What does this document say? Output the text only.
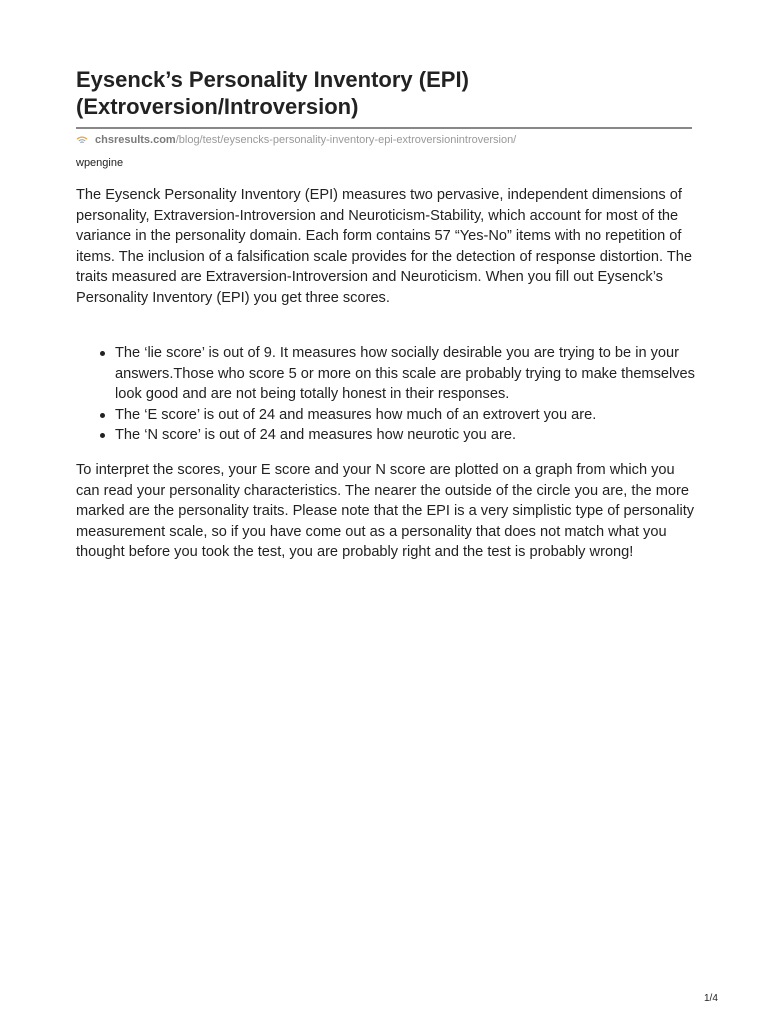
Eysenck’s Personality Inventory (EPI) (Extroversion/Introversion)
chsresults.com /blog/test/eysencks-personality-inventory-epi-extroversionintroversion/
wpengine

The Eysenck Personality Inventory (EPI) measures two pervasive, independent dimensions of personality, Extraversion-Introversion and Neuroticism-Stability, which account for most of the variance in the personality domain. Each form contains 57 “Yes-No” items with no repetition of items. The inclusion of a falsification scale provides for the detection of response distortion. The traits measured are Extraversion-Introversion and Neuroticism. When you fill out Eysenck’s Personality Inventory (EPI) you get three scores.

The ‘lie score’ is out of 9. It measures how socially desirable you are trying to be in your answers.Those who score 5 or more on this scale are probably trying to make themselves look good and are not being totally honest in their responses.
The ‘E score’ is out of 24 and measures how much of an extrovert you are.
The ‘N score’ is out of 24 and measures how neurotic you are.

To interpret the scores, your E score and your N score are plotted on a graph from which you can read your personality characteristics. The nearer the outside of the circle you are, the more marked are the personality traits. Please note that the EPI is a very simplistic type of personality measurement scale, so if you have come out as a personality that does not match what you thought before you took the test, you are probably right and the test is probably wrong!

1/4
